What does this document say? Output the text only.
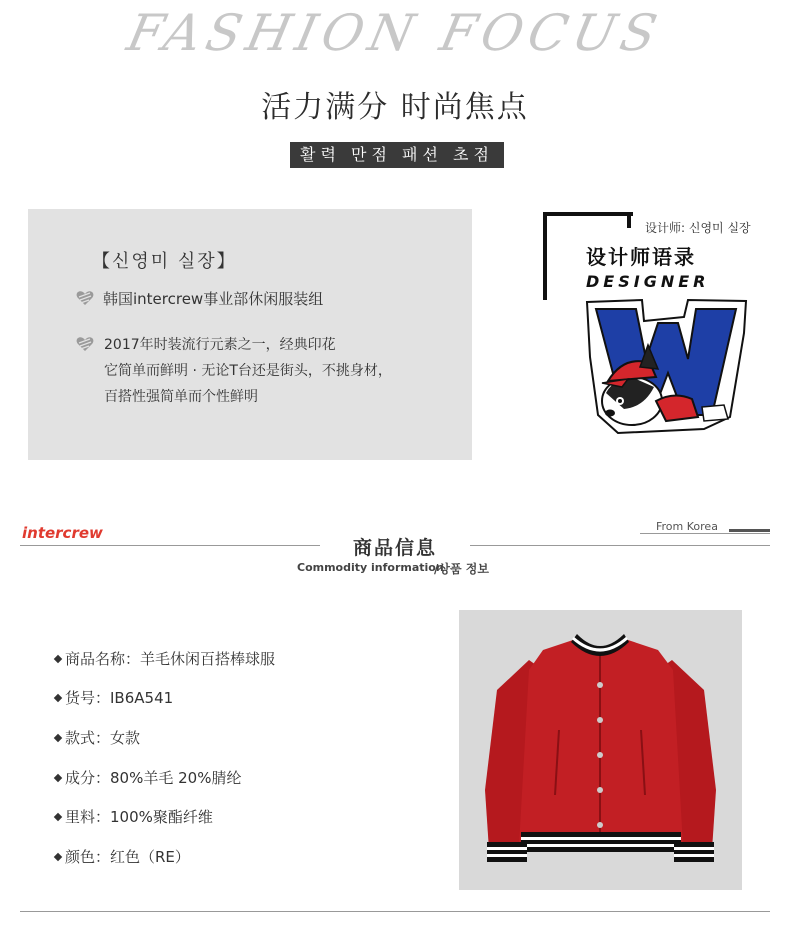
FASHION FOCUS
活力满分 时尚焦点
활력 만점 패션 초점
【신영미 실장】
韩国intercrew事业部休闲服装组
2017年时装流行元素之一，经典印花
它简单而鲜明 · 无论T台还是街头，不挑身材，
百搭性强简单而个性鲜明
设计师: 신영미 실장
设计师语录
DESIGNER
intercrew	From Korea
商品信息
Commodity information
/상품 정보
商品名称：羊毛休闲百搭棒球服
货号：IB6A541
款式：女款
成分：80%羊毛 20%腈纶
里料：100%聚酯纤维
颜色：红色（RE）
